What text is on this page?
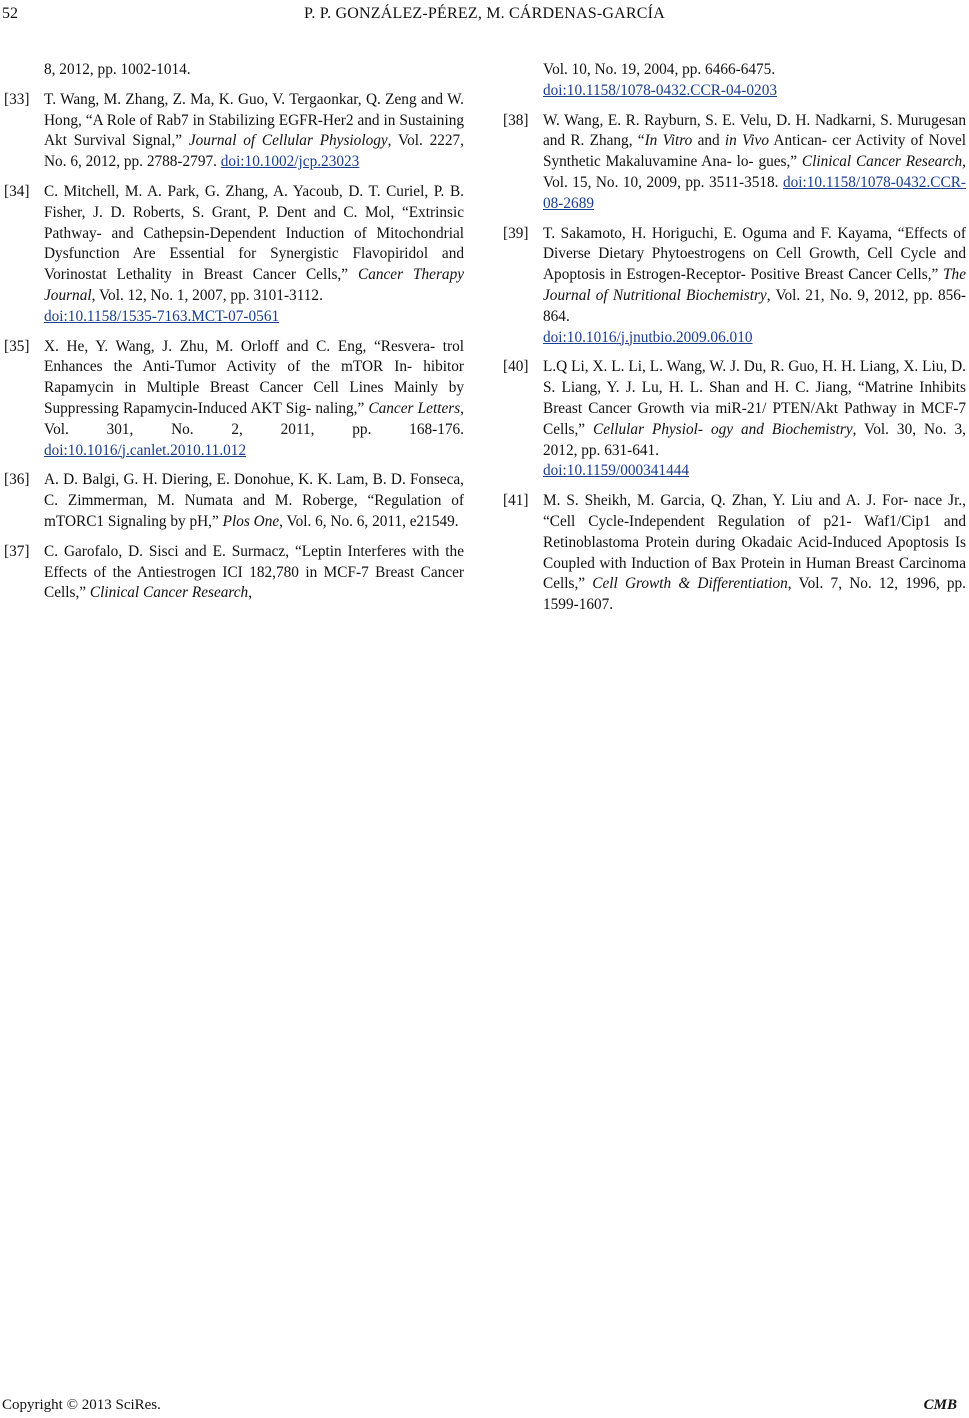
52	P. P. GONZÁLEZ-PÉREZ, M. CÁRDENAS-GARCÍA
8, 2012, pp. 1002-1014.
[33] T. Wang, M. Zhang, Z. Ma, K. Guo, V. Tergaonkar, Q. Zeng and W. Hong, “A Role of Rab7 in Stabilizing EGFR-Her2 and in Sustaining Akt Survival Signal,” Journal of Cellular Physiology, Vol. 2227, No. 6, 2012, pp. 2788-2797. doi:10.1002/jcp.23023
[34] C. Mitchell, M. A. Park, G. Zhang, A. Yacoub, D. T. Curiel, P. B. Fisher, J. D. Roberts, S. Grant, P. Dent and C. Mol, “Extrinsic Pathway- and Cathepsin-Dependent Induction of Mitochondrial Dysfunction Are Essential for Synergistic Flavopiridol and Vorinostat Lethality in Breast Cancer Cells,” Cancer Therapy Journal, Vol. 12, No. 1, 2007, pp. 3101-3112.
doi:10.1158/1535-7163.MCT-07-0561
[35] X. He, Y. Wang, J. Zhu, M. Orloff and C. Eng, “Resvera- trol Enhances the Anti-Tumor Activity of the mTOR In- hibitor Rapamycin in Multiple Breast Cancer Cell Lines Mainly by Suppressing Rapamycin-Induced AKT Sig- naling,” Cancer Letters, Vol. 301, No. 2, 2011, pp. 168-176. doi:10.1016/j.canlet.2010.11.012
[36] A. D. Balgi, G. H. Diering, E. Donohue, K. K. Lam, B. D. Fonseca, C. Zimmerman, M. Numata and M. Roberge, “Regulation of mTORC1 Signaling by pH,” Plos One, Vol. 6, No. 6, 2011, e21549.
[37] C. Garofalo, D. Sisci and E. Surmacz, “Leptin Interferes with the Effects of the Antiestrogen ICI 182,780 in MCF-7 Breast Cancer Cells,” Clinical Cancer Research,
Vol. 10, No. 19, 2004, pp. 6466-6475.
doi:10.1158/1078-0432.CCR-04-0203
[38] W. Wang, E. R. Rayburn, S. E. Velu, D. H. Nadkarni, S. Murugesan and R. Zhang, “In Vitro and in Vivo Antican- cer Activity of Novel Synthetic Makaluvamine Ana- lo- gues,” Clinical Cancer Research, Vol. 15, No. 10, 2009, pp. 3511-3518. doi:10.1158/1078-0432.CCR-08-2689
[39] T. Sakamoto, H. Horiguchi, E. Oguma and F. Kayama, “Effects of Diverse Dietary Phytoestrogens on Cell Growth, Cell Cycle and Apoptosis in Estrogen-Receptor- Positive Breast Cancer Cells,” The Journal of Nutritional Biochemistry, Vol. 21, No. 9, 2012, pp. 856-864.
doi:10.1016/j.jnutbio.2009.06.010
[40] L.Q Li, X. L. Li, L. Wang, W. J. Du, R. Guo, H. H. Liang, X. Liu, D. S. Liang, Y. J. Lu, H. L. Shan and H. C. Jiang, “Matrine Inhibits Breast Cancer Growth via miR-21/ PTEN/Akt Pathway in MCF-7 Cells,” Cellular Physiol- ogy and Biochemistry, Vol. 30, No. 3, 2012, pp. 631-641.
doi:10.1159/000341444
[41] M. S. Sheikh, M. Garcia, Q. Zhan, Y. Liu and A. J. For- nace Jr., “Cell Cycle-Independent Regulation of p21- Waf1/Cip1 and Retinoblastoma Protein during Okadaic Acid-Induced Apoptosis Is Coupled with Induction of Bax Protein in Human Breast Carcinoma Cells,” Cell Growth & Differentiation, Vol. 7, No. 12, 1996, pp. 1599-1607.
Copyright © 2013 SciRes.	CMB
